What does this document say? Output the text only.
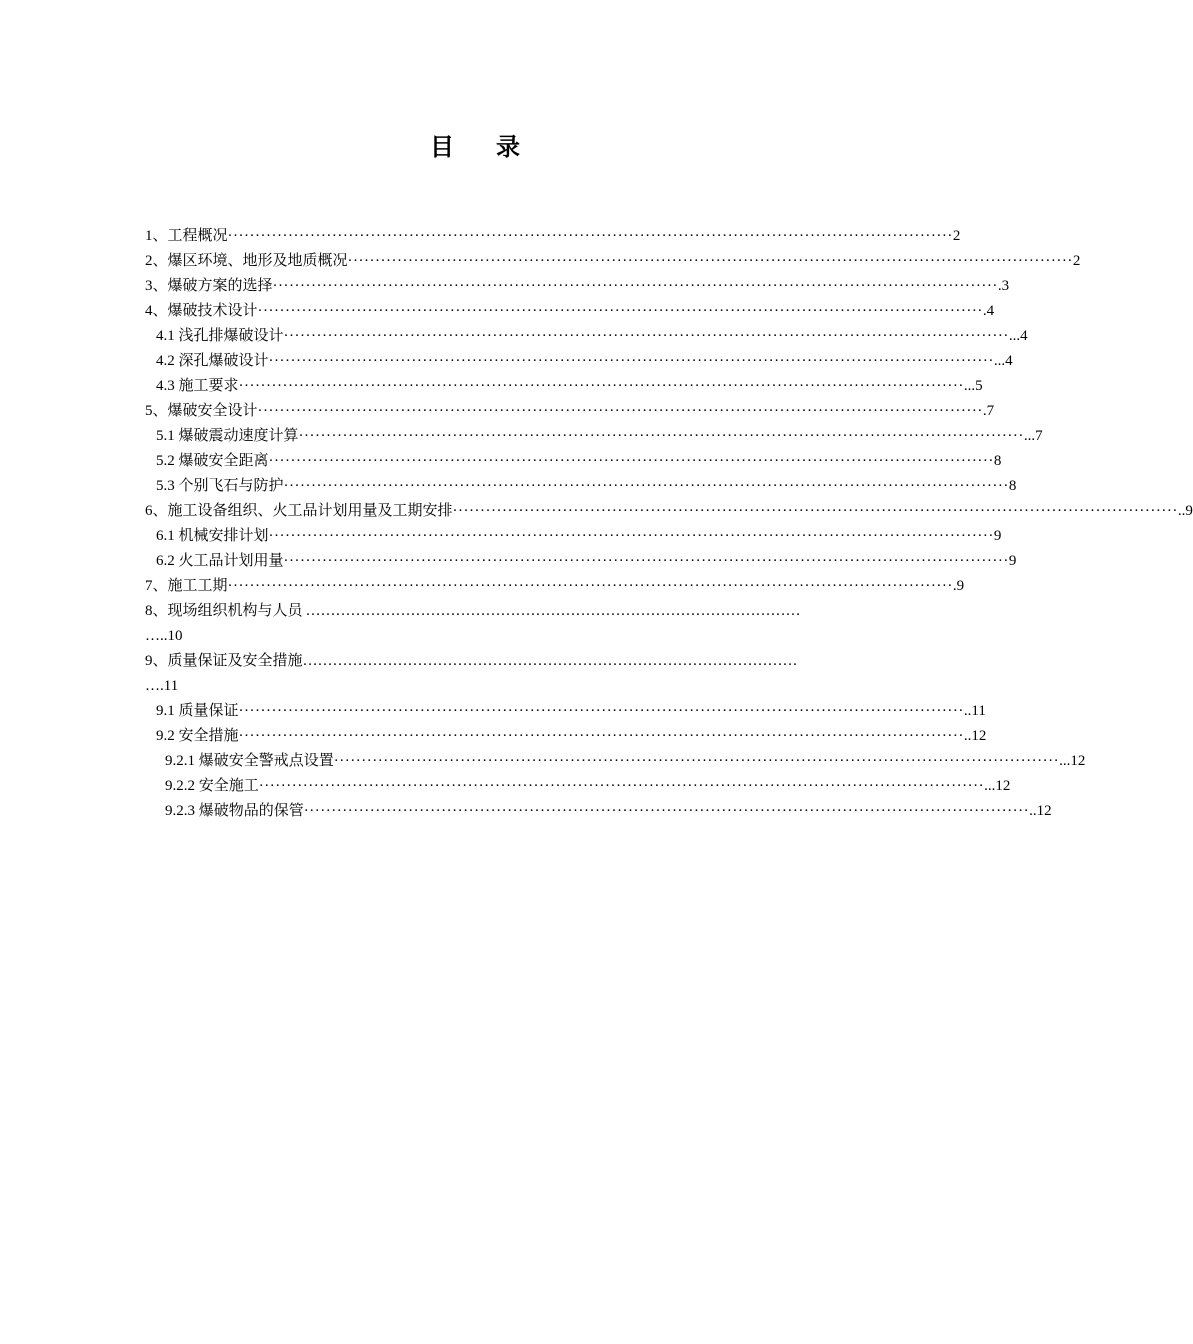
目 录
1、工程概况 ···································································································································· 2
2、爆区环境、地形及地质概况 ···································································································································· 2
3、爆破方案的选择 ···································································································································· .3
4、爆破技术设计 ···································································································································· .4
4.1 浅孔排爆破设计 ···································································································································· ...4
4.2 深孔爆破设计 ···································································································································· ...4
4.3 施工要求 ···································································································································· ...5
5、爆破安全设计 ···································································································································· .7
5.1 爆破震动速度计算 ···································································································································· ...7
5.2 爆破安全距离 ···································································································································· 8
5.3 个别飞石与防护 ···································································································································· 8
6、施工设备组织、火工品计划用量及工期安排 ···································································································································· ..9
6.1 机械安排计划 ···································································································································· 9
6.2 火工品计划用量 ···································································································································· 9
7、施工工期 ···································································································································· .9
8、现场组织机构与人员  ………………………………………………………………………………………
…..10
9、质量保证及安全措施 ………………………………………………………………………………………
….11
9.1 质量保证 ···································································································································· ..11
9.2 安全措施 ···································································································································· ..12
9.2.1 爆破安全警戒点设置 ···································································································································· ...12
9.2.2 安全施工 ···································································································································· ...12
9.2.3 爆破物品的保管 ···································································································································· ..12
